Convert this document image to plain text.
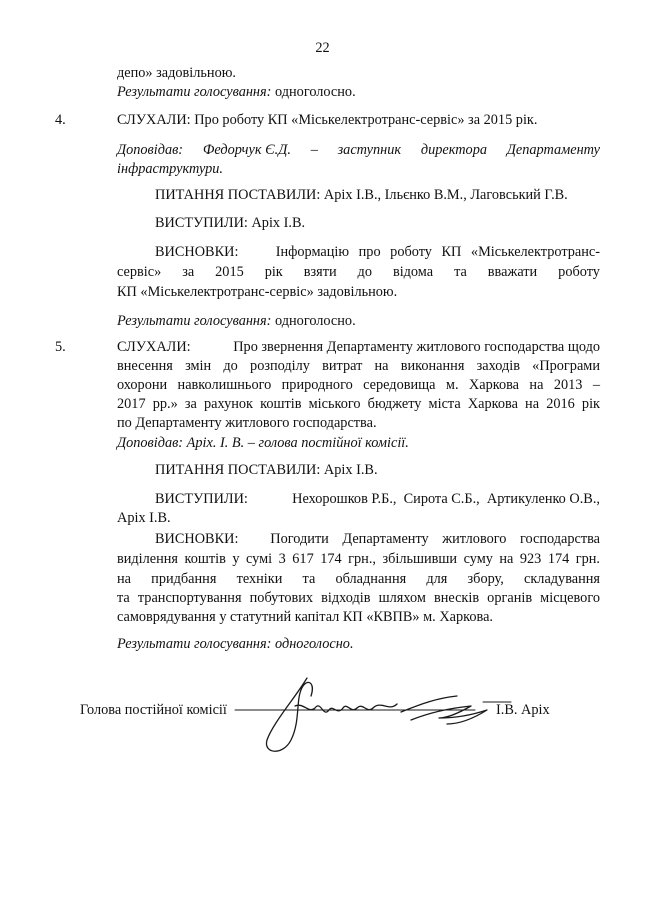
22
депо» задовільною.
Результати голосування: одноголосно.
4.	СЛУХАЛИ: Про роботу КП «Міськелектротранс-сервіс» за 2015 рік.
Доповідав: Федорчук Є.Д. – заступник директора Департаменту
інфраструктури.
ПИТАННЯ ПОСТАВИЛИ: Аріх І.В., Ільєнко В.М., Лаговський Г.В.
ВИСТУПИЛИ: Аріх І.В.
ВИСНОВКИ:	Інформацію про роботу КП «Міськелектротранс-
сервіс» за 2015 рік взяти до відома та вважати роботу
КП «Міськелектротранс-сервіс» задовільною.
Результати голосування: одноголосно.
5.	СЛУХАЛИ:	Про звернення Департаменту житлового господарства щодо
внесення змін до розподілу витрат на виконання заходів «Програми
охорони навколишнього природного середовища м. Харкова на 2013 –
2017 рр.» за рахунок коштів міського бюджету міста Харкова на 2016 рік
по Департаменту житлового господарства.
Доповідав: Аріх. І. В. – голова постійної комісії.
ПИТАННЯ ПОСТАВИЛИ: Аріх І.В.
ВИСТУПИЛИ:	Нехорошков Р.Б.,  Сирота С.Б.,  Артикуленко О.В.,
Аріх І.В.
ВИСНОВКИ: Погодити Департаменту житлового господарства
виділення коштів у сумі 3 617 174 грн., збільшивши суму на 923 174 грн.
на придбання техніки та обладнання для збору, складування
та транспортування побутових відходів шляхом внесків органів місцевого
самоврядування у статутний капітал КП «КВПВ» м. Харкова.
Результати голосування: одноголосно.
Голова постійної комісії	І.В. Аріх
